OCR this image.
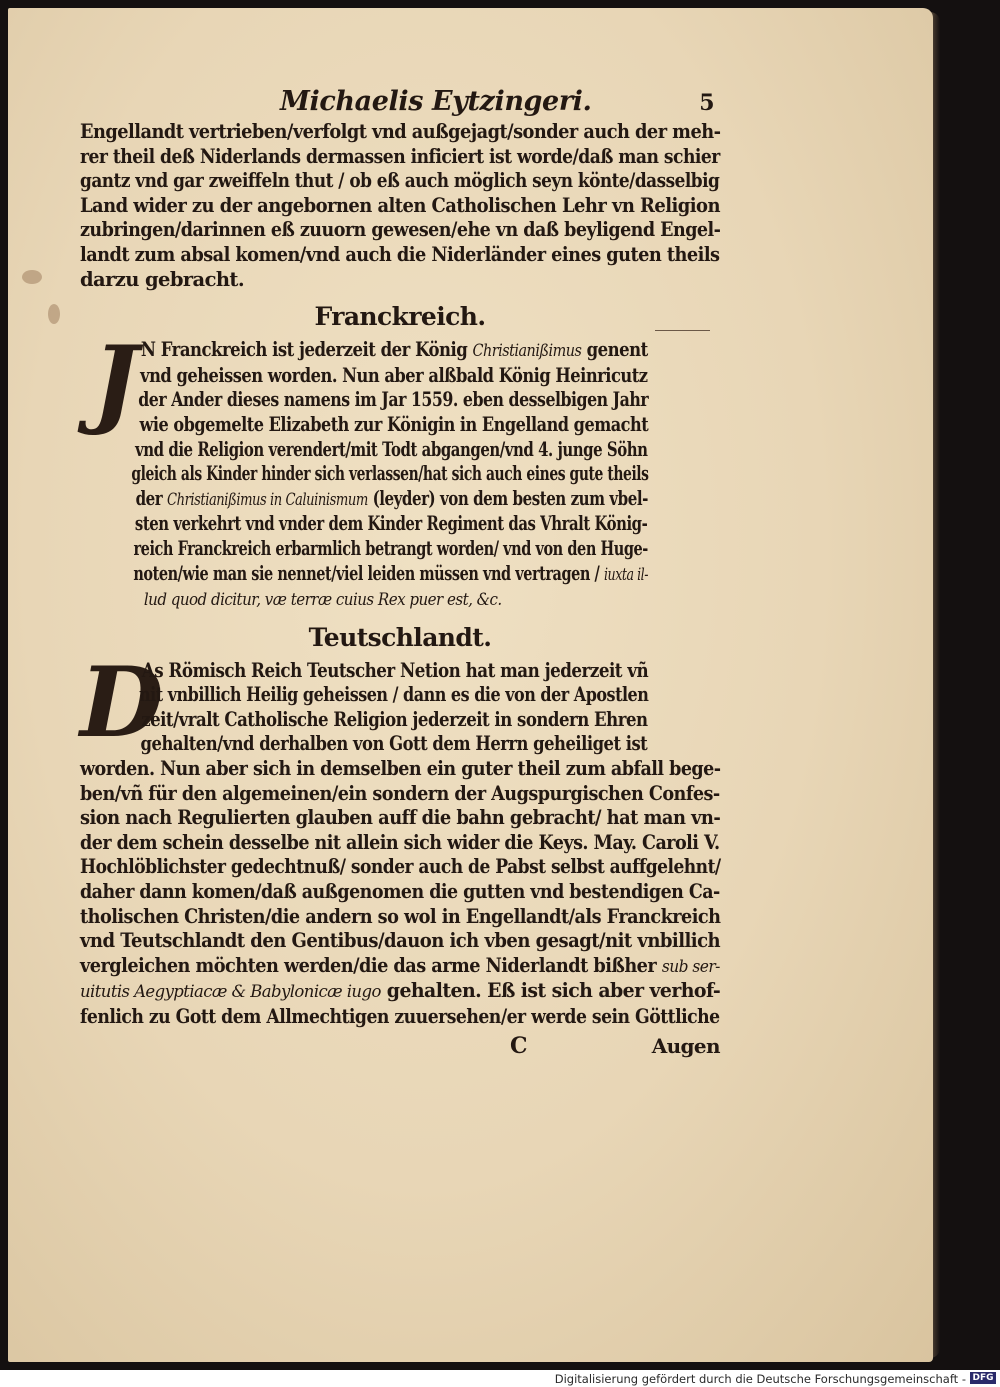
Michaelis Eytzingeri.	5
Engellandt vertrieben/verfolgt vnd außgejagt/sonder auch der meh-
rer theil deß Niderlands dermassen inficiert ist worde/daß man schier
gantz vnd gar zweiffeln thut / ob eß auch möglich seyn könte/dasselbig
Land wider zu der angebornen alten Catholischen Lehr vn Religion
zubringen/darinnen eß zuuorn gewesen/ehe vn daß beyligend Engel-
landt zum absal komen/vnd auch die Niderländer eines guten theils
darzu gebracht.
Franckreich.
J N Franckreich ist jederzeit der König Christianißimus genent
vnd geheissen worden. Nun aber alßbald König Heinricutz
der Ander dieses namens im Jar 1559. eben desselbigen Jahr
wie obgemelte Elizabeth zur Königin in Engelland gemacht
vnd die Religion verendert/mit Todt abgangen/vnd 4. junge Söhn
gleich als Kinder hinder sich verlassen/hat sich auch eines gute theils
der Christianißimus in Caluinismum (leyder) von dem besten zum vbel-
sten verkehrt vnd vnder dem Kinder Regiment das Vhralt König-
reich Franckreich erbarmlich betrangt worden/ vnd von den Huge-
noten/wie man sie nennet/viel leiden müssen vnd vertragen / iuxta il-
lud quod dicitur, væ terræ cuius Rex puer est, &c.
Teutschlandt.
D
As Römisch Reich Teutscher Netion hat man jederzeit vñ
nit vnbillich Heilig geheissen / dann es die von der Apostlen
zeit/vralt Catholische Religion jederzeit in sondern Ehren
gehalten/vnd derhalben von Gott dem Herrn geheiliget ist
worden. Nun aber sich in demselben ein guter theil zum abfall bege-
ben/vñ für den algemeinen/ein sondern der Augspurgischen Confes-
sion nach Regulierten glauben auff die bahn gebracht/ hat man vn-
der dem schein desselbe nit allein sich wider die Keys. May. Caroli V.
Hochlöblichster gedechtnuß/ sonder auch de Pabst selbst auffgelehnt/
daher dann komen/daß außgenomen die gutten vnd bestendigen Ca-
tholischen Christen/die andern so wol in Engellandt/als Franckreich
vnd Teutschlandt den Gentibus/dauon ich vben gesagt/nit vnbillich
vergleichen möchten werden/die das arme Niderlandt bißher sub ser-
uitutis Aegyptiacæ & Babylonicæ iugo gehalten. Eß ist sich aber verhof-
fenlich zu Gott dem Allmechtigen zuuersehen/er werde sein Göttliche
C	Augen
Digitalisierung gefördert durch die Deutsche Forschungsgemeinschaft - DFG
